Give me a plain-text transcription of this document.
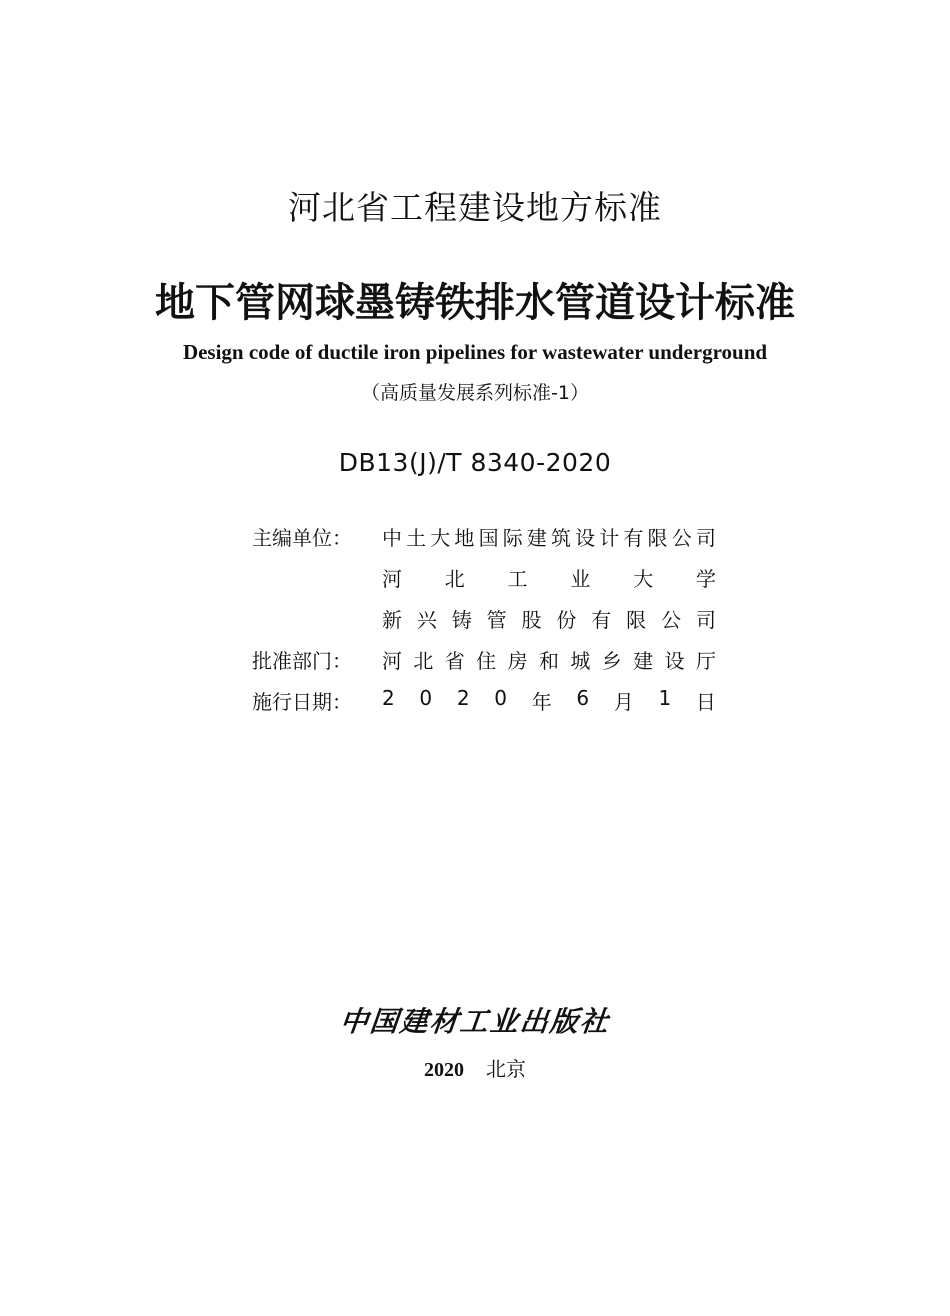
河北省工程建设地方标准
地下管网球墨铸铁排水管道设计标准
Design code of ductile iron pipelines for wastewater underground
（高质量发展系列标准-1）
DB13(J)/T 8340-2020
主编单位：	中 土 大 地 国 际 建 筑 设 计 有 限 公 司
河 北 工 业 大 学
新 兴 铸 管 股 份 有 限 公 司
批准部门：	河 北 省 住 房 和 城 乡 建 设 厅
施行日期：	2 0 2 0 年 6 月 1 日
中国建材工业出版社
2020 北京
